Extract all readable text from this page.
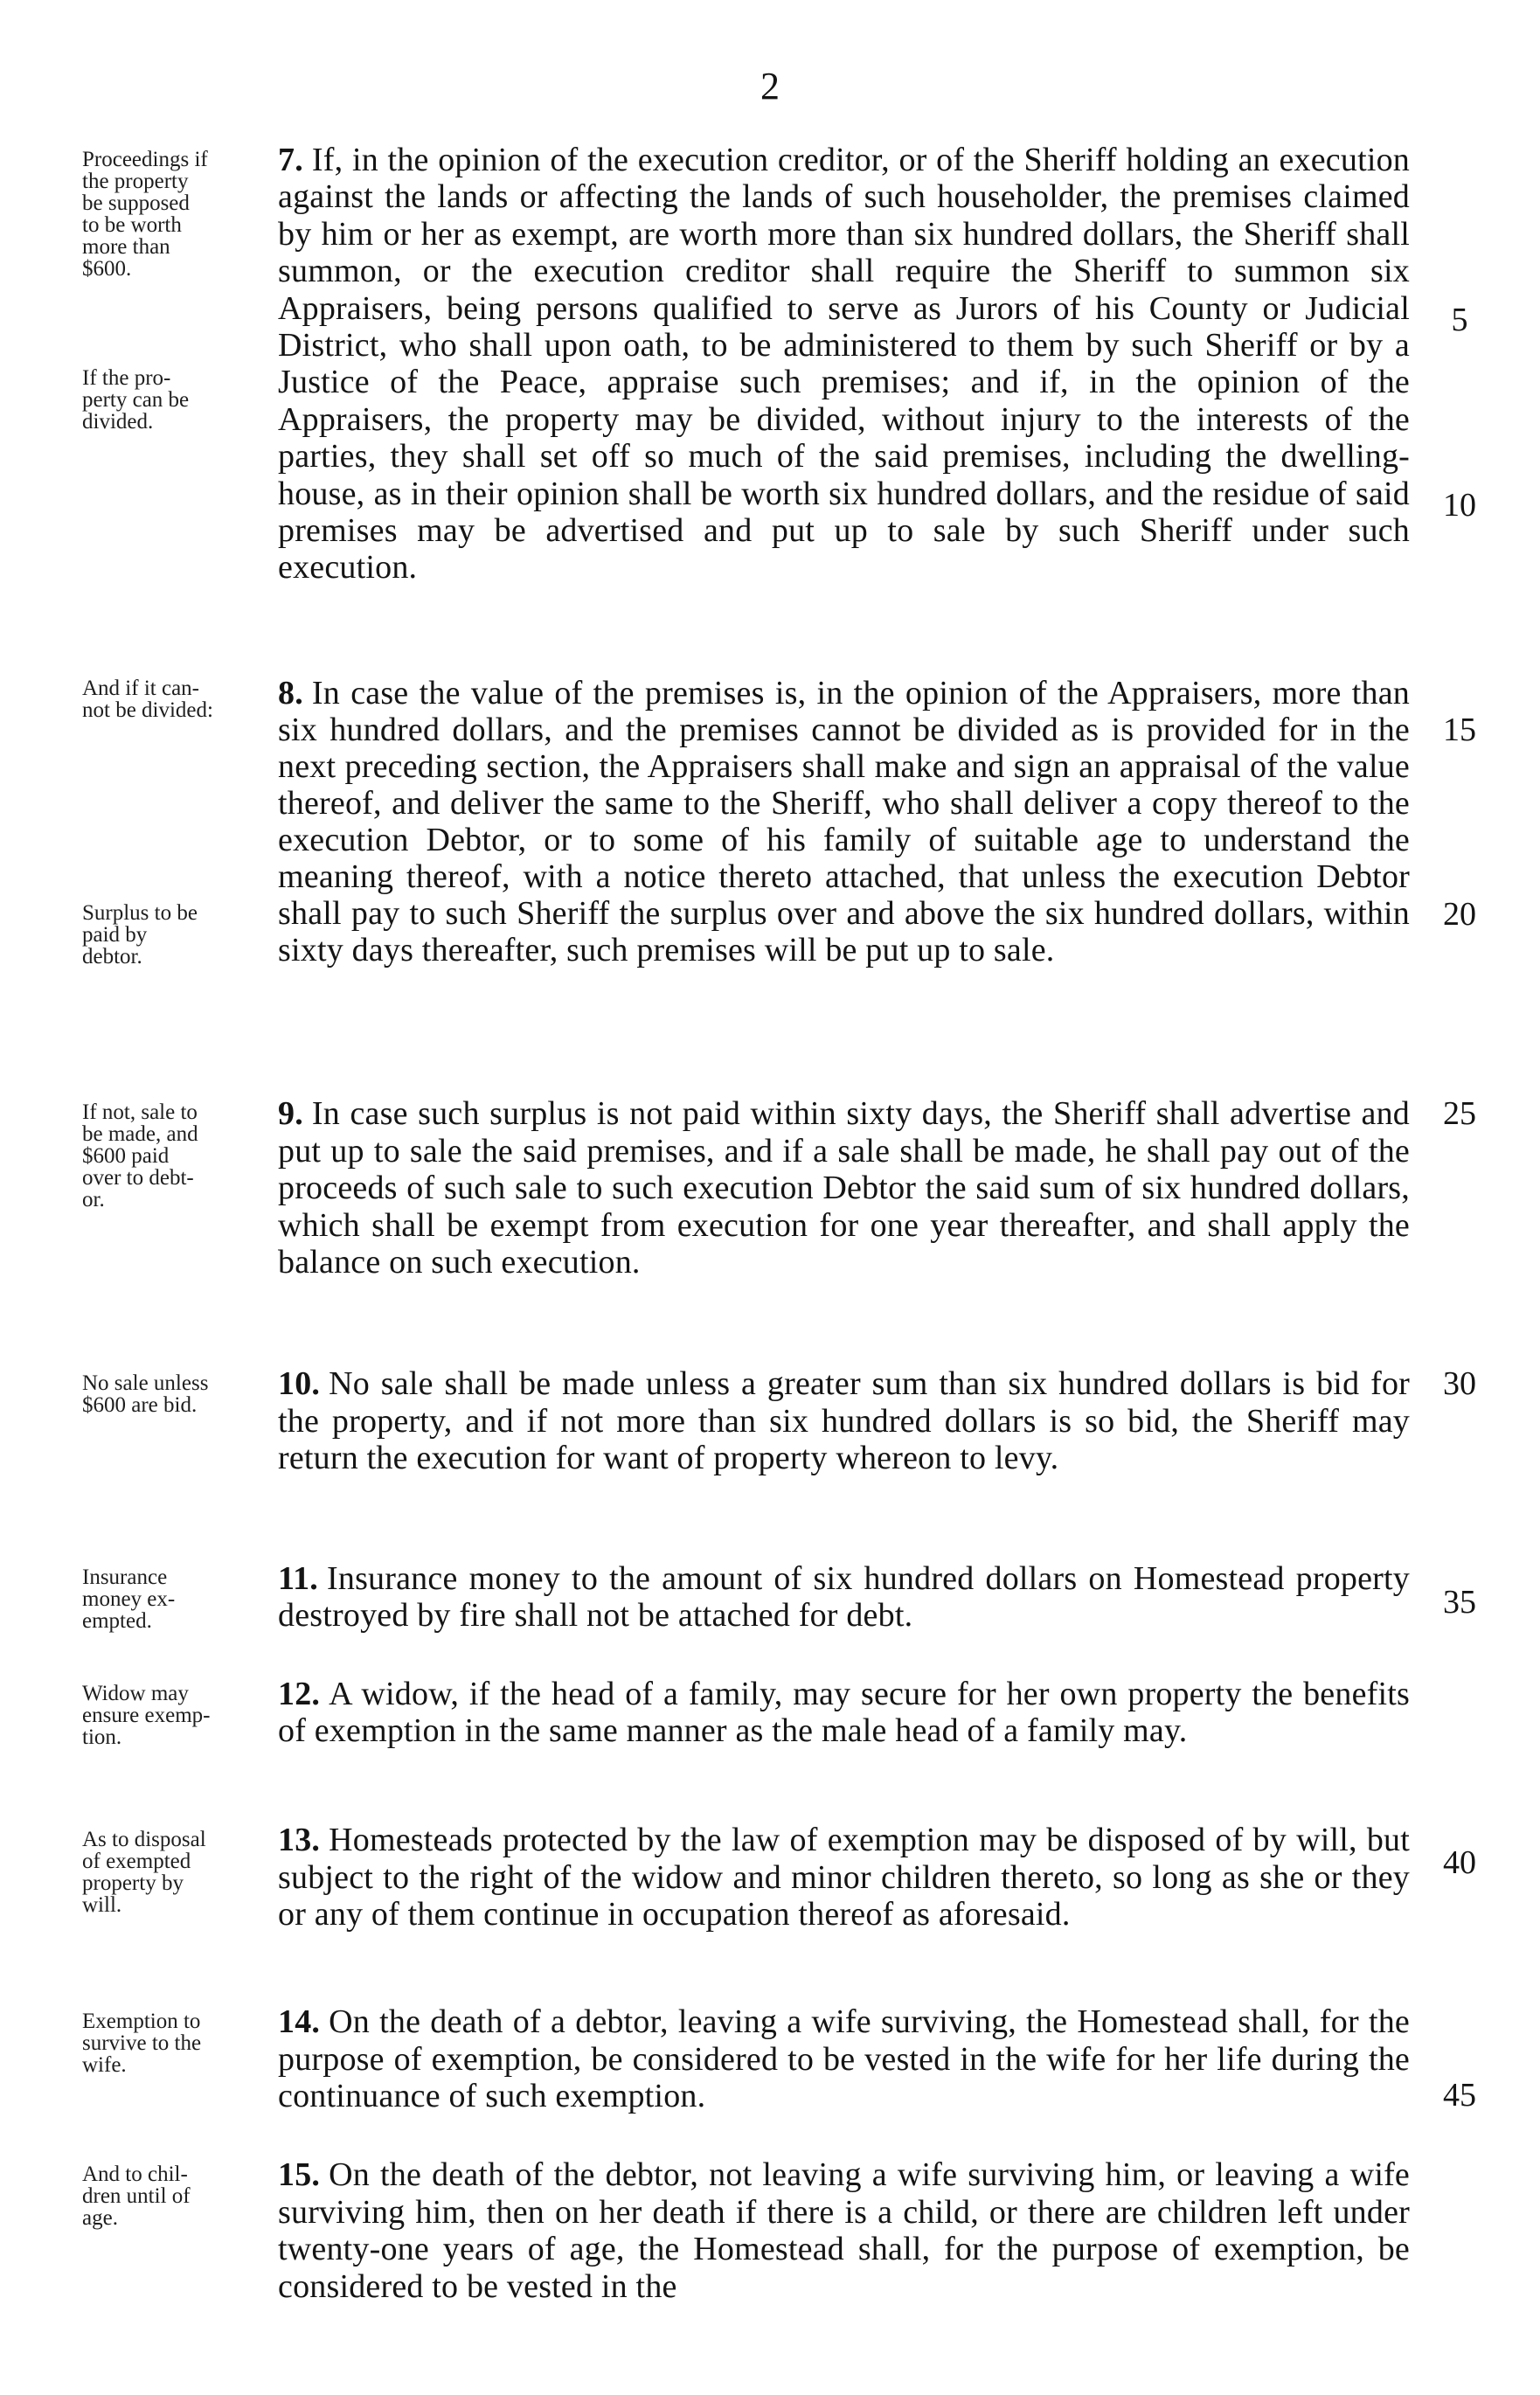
2
Proceedings if
the property
be supposed
to be worth
more than
$600.
If the pro-
perty can be
divided.
7. If, in the opinion of the execution creditor, or of the Sheriff holding an execution against the lands or affecting the lands of such householder, the premises claimed by him or her as exempt, are worth more than six hundred dollars, the Sheriff shall summon, or the execution creditor shall require the Sheriff to summon six Appraisers, being persons qualified to serve as Jurors of his County or Judicial District, who shall upon oath, to be administered to them by such Sheriff or by a Justice of the Peace, appraise such premises; and if, in the opinion of the Appraisers, the property may be divided, without injury to the interests of the parties, they shall set off so much of the said premises, including the dwelling-house, as in their opinion shall be worth six hundred dollars, and the residue of said premises may be advertised and put up to sale by such Sheriff under such execution.
And if it can-
not be divided:
Surplus to be
paid by
debtor.
8. In case the value of the premises is, in the opinion of the Appraisers, more than six hundred dollars, and the premises cannot be divided as is provided for in the next preceding section, the Appraisers shall make and sign an appraisal of the value thereof, and deliver the same to the Sheriff, who shall deliver a copy thereof to the execution Debtor, or to some of his family of suitable age to understand the meaning thereof, with a notice thereto attached, that unless the execution Debtor shall pay to such Sheriff the surplus over and above the six hundred dollars, within sixty days thereafter, such premises will be put up to sale.
If not, sale to
be made, and
$600 paid
over to debt-
or.
9. In case such surplus is not paid within sixty days, the Sheriff shall advertise and put up to sale the said premises, and if a sale shall be made, he shall pay out of the proceeds of such sale to such execution Debtor the said sum of six hundred dollars, which shall be exempt from execution for one year thereafter, and shall apply the balance on such execution.
No sale unless
$600 are bid.
10. No sale shall be made unless a greater sum than six hundred dollars is bid for the property, and if not more than six hundred dollars is so bid, the Sheriff may return the execution for want of property whereon to levy.
Insurance
money ex-
empted.
11. Insurance money to the amount of six hundred dollars on Homestead property destroyed by fire shall not be attached for debt.
Widow may
ensure exemp-
tion.
12. A widow, if the head of a family, may secure for her own property the benefits of exemption in the same manner as the male head of a family may.
As to disposal
of exempted
property by
will.
13. Homesteads protected by the law of exemption may be disposed of by will, but subject to the right of the widow and minor children thereto, so long as she or they or any of them continue in occupation thereof as aforesaid.
Exemption to
survive to the
wife.
14. On the death of a debtor, leaving a wife surviving, the Homestead shall, for the purpose of exemption, be considered to be vested in the wife for her life during the continuance of such exemption.
And to chil-
dren until of
age.
15. On the death of the debtor, not leaving a wife surviving him, or leaving a wife surviving him, then on her death if there is a child, or there are children left under twenty-one years of age, the Homestead shall, for the purpose of exemption, be considered to be vested in the
5
10
15
20
25
30
35
40
45
